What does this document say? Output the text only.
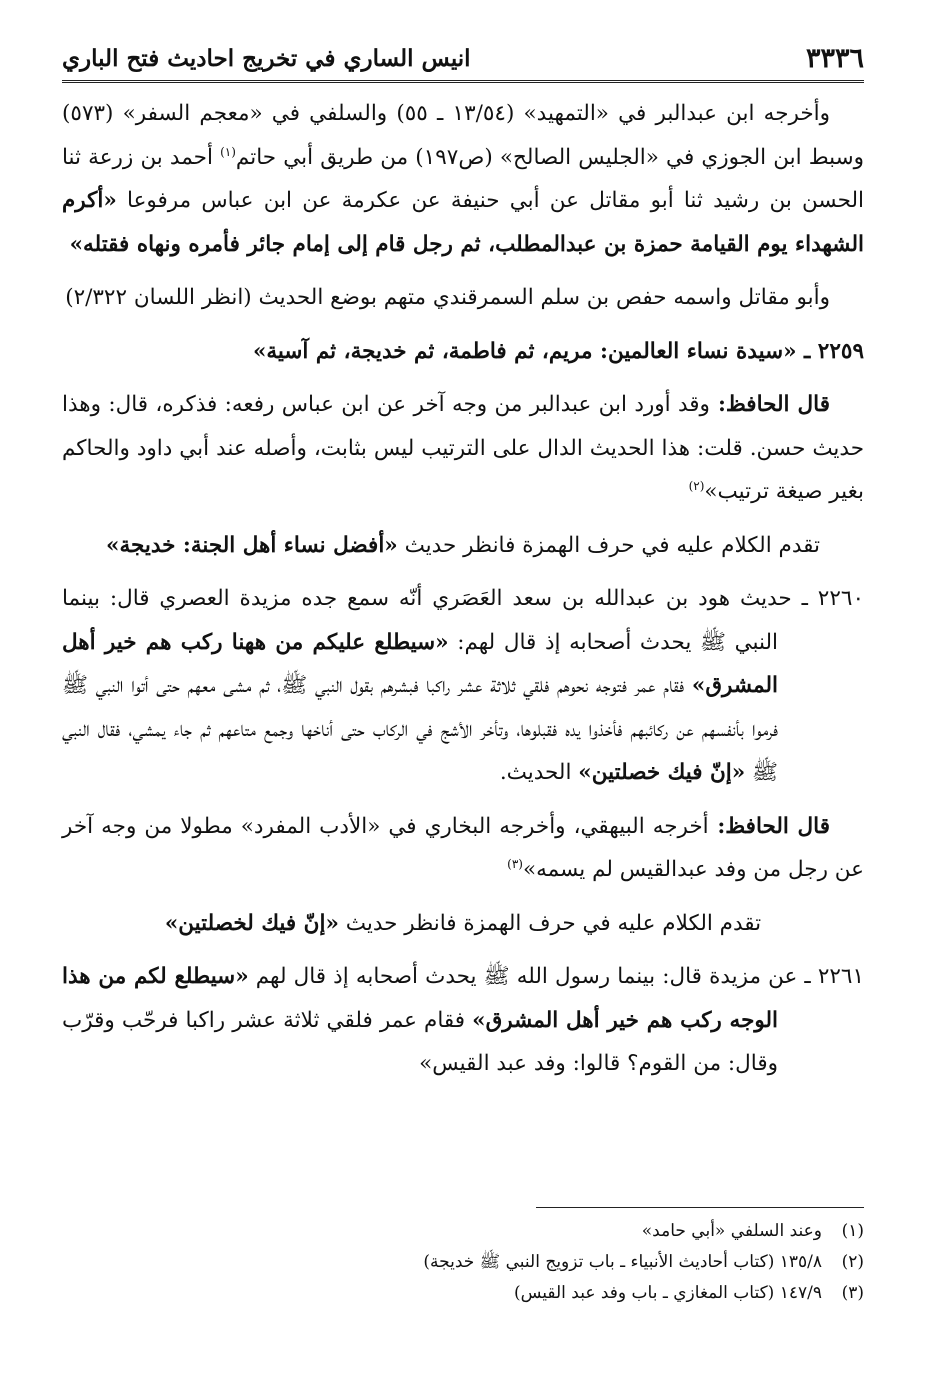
٣٣٣٦
انيس الساري في تخريج احاديث فتح الباري

وأخرجه ابن عبدالبر في «التمهيد» (١٣/٥٤ ـ ٥٥) والسلفي في «معجم السفر» (٥٧٣) وسبط ابن الجوزي في «الجليس الصالح» (ص١٩٧) من طريق أبي حاتم$^{(١)}$ أحمد بن زرعة ثنا الحسن بن رشيد ثنا أبو مقاتل عن أبي حنيفة عن عكرمة عن ابن عباس مرفوعا «أكرم الشهداء يوم القيامة حمزة بن عبدالمطلب، ثم رجل قام إلى إمام جائر فأمره ونهاه فقتله»

وأبو مقاتل واسمه حفص بن سلم السمرقندي متهم بوضع الحديث (انظر اللسان ٢/٣٢٢)

٢٢٥٩ ـ «سيدة نساء العالمين: مريم، ثم فاطمة، ثم خديجة، ثم آسية»

قال الحافظ: وقد أورد ابن عبدالبر من وجه آخر عن ابن عباس رفعه: فذكره، قال: وهذا حديث حسن. قلت: هذا الحديث الدال على الترتيب ليس بثابت، وأصله عند أبي داود والحاكم بغير صيغة ترتيب»$^{(٢)}$

تقدم الكلام عليه في حرف الهمزة فانظر حديث «أفضل نساء أهل الجنة: خديجة»

٢٢٦٠ ـ حديث هود بن عبدالله بن سعد العَصَري أنّه سمع جده مزيدة العصري قال: بينما النبي ﷺ يحدث أصحابه إذ قال لهم: «سيطلع عليكم من ههنا ركب هم خير أهل المشرق» فقام عمر فتوجه نحوهم فلقي ثلاثة عشر راكبا فبشرهم بقول النبي ﷺ، ثم مشى معهم حتى أتوا النبي ﷺ فرموا بأنفسهم عن ركائبهم فأخذوا يده فقبلوها، وتأخر الأشج في الركاب حتى أناخها وجمع متاعهم ثم جاء يمشي، فقال النبي ﷺ «إنّ فيك خصلتين» الحديث.

قال الحافظ: أخرجه البيهقي، وأخرجه البخاري في «الأدب المفرد» مطولا من وجه آخر عن رجل من وفد عبدالقيس لم يسمه»$^{(٣)}$

تقدم الكلام عليه في حرف الهمزة فانظر حديث «إنّ فيك لخصلتين»

٢٢٦١ ـ عن مزيدة قال: بينما رسول الله ﷺ يحدث أصحابه إذ قال لهم «سيطلع لكم من هذا الوجه ركب هم خير أهل المشرق» فقام عمر فلقي ثلاثة عشر راكبا فرحّب وقرّب وقال: من القوم؟ قالوا: وفد عبد القيس»

(١)
وعند السلفي «أبي حامد»
(٢)
١٣٥/٨ (كتاب أحاديث الأنبياء ـ باب تزويج النبي ﷺ خديجة)
(٣)
١٤٧/٩ (كتاب المغازي ـ باب وفد عبد القيس)
